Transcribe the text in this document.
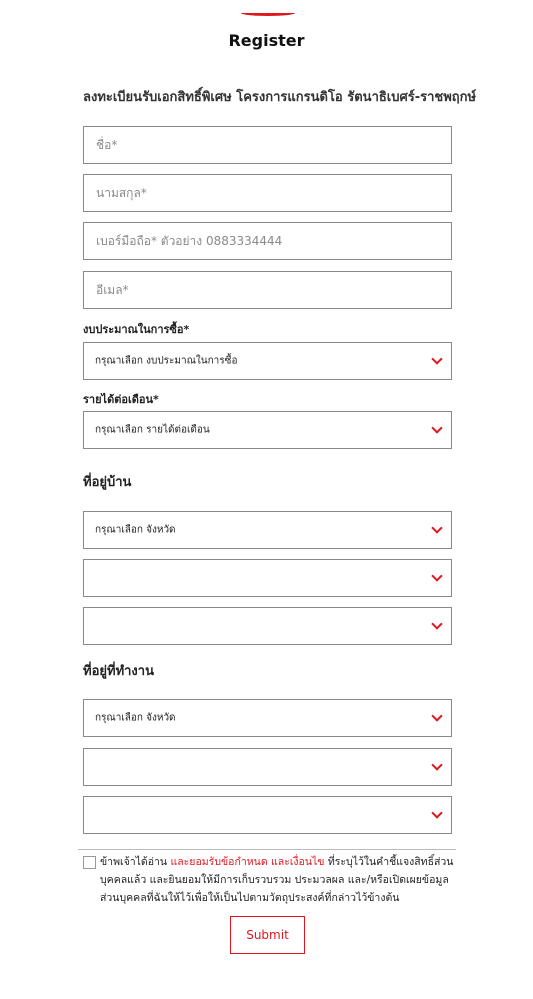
Register
ลงทะเบียนรับเอกสิทธิ์พิเศษ โครงการแกรนดิโอ รัตนาธิเบศร์-ราชพฤกษ์
ชื่อ*
นามสกุล*
เบอร์มือถือ* ตัวอย่าง 0883334444
อีเมล*
งบประมาณในการซื้อ*
กรุณาเลือก งบประมาณในการซื้อ
รายได้ต่อเดือน*
กรุณาเลือก รายได้ต่อเดือน
ที่อยู่บ้าน
กรุณาเลือก จังหวัด
ที่อยู่ที่ทำงาน
กรุณาเลือก จังหวัด
ข้าพเจ้าได้อ่าน และยอมรับข้อกำหนด และเงื่อนไข ที่ระบุไว้ในคำชี้แจงสิทธิ์ส่วนบุคคลแล้ว และยินยอมให้มีการเก็บรวบรวม ประมวลผล และ/หรือเปิดเผยข้อมูลส่วนบุคคลที่ฉันให้ไว้เพื่อให้เป็นไปตามวัตถุประสงค์ที่กล่าวไว้ข้างต้น
Submit
